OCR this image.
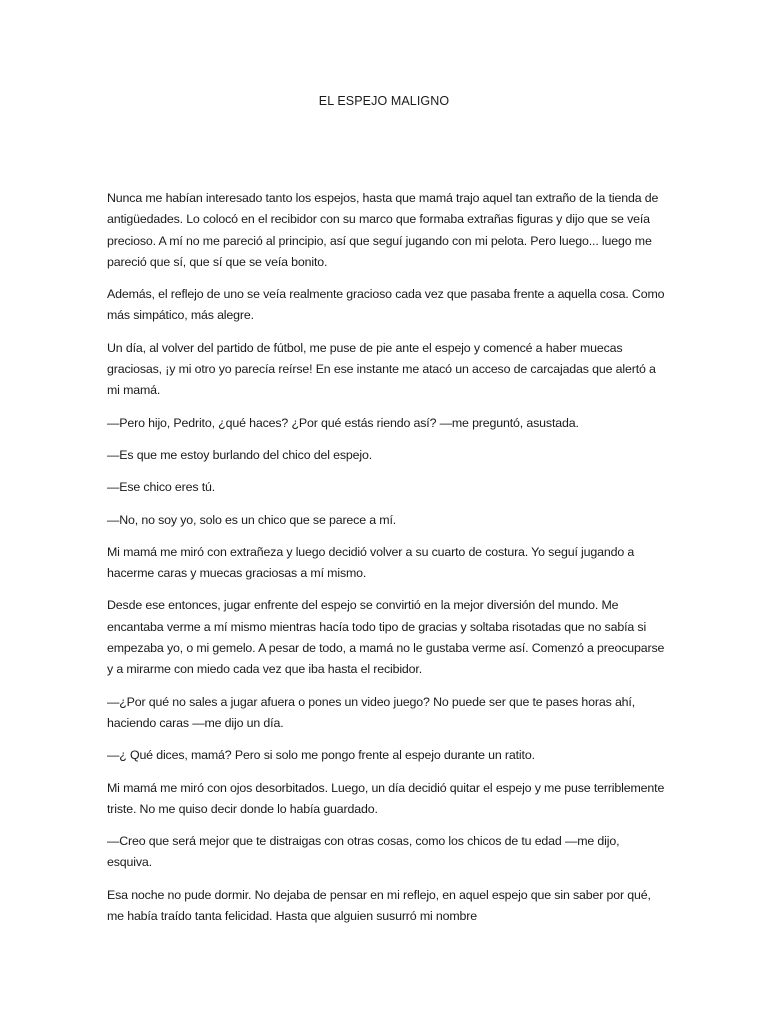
EL ESPEJO MALIGNO

Nunca me habían interesado tanto los espejos, hasta que mamá trajo aquel tan extraño de la tienda de antigüedades. Lo colocó en el recibidor con su marco que formaba extrañas figuras y dijo que se veía precioso. A mí no me pareció al principio, así que seguí jugando con mi pelota. Pero luego... luego me pareció que sí, que sí que se veía bonito.

Además, el reflejo de uno se veía realmente gracioso cada vez que pasaba frente a aquella cosa. Como más simpático, más alegre.

Un día, al volver del partido de fútbol, me puse de pie ante el espejo y comencé a haber muecas graciosas, ¡y mi otro yo parecía reírse! En ese instante me atacó un acceso de carcajadas que alertó a mi mamá.

—Pero hijo, Pedrito, ¿qué haces? ¿Por qué estás riendo así? —me preguntó, asustada.

—Es que me estoy burlando del chico del espejo.

—Ese chico eres tú.

—No, no soy yo, solo es un chico que se parece a mí.

Mi mamá me miró con extrañeza y luego decidió volver a su cuarto de costura. Yo seguí jugando a hacerme caras y muecas graciosas a mí mismo.

Desde ese entonces, jugar enfrente del espejo se convirtió en la mejor diversión del mundo. Me encantaba verme a mí mismo mientras hacía todo tipo de gracias y soltaba risotadas que no sabía si empezaba yo, o mi gemelo. A pesar de todo, a mamá no le gustaba verme así. Comenzó a preocuparse y a mirarme con miedo cada vez que iba hasta el recibidor.

—¿Por qué no sales a jugar afuera o pones un video juego? No puede ser que te pases horas ahí, haciendo caras —me dijo un día.

—¿ Qué dices, mamá? Pero si solo me pongo frente al espejo durante un ratito.

Mi mamá me miró con ojos desorbitados. Luego, un día decidió quitar el espejo y me puse terriblemente triste. No me quiso decir donde lo había guardado.

—Creo que será mejor que te distraigas con otras cosas, como los chicos de tu edad —me dijo, esquiva.

Esa noche no pude dormir. No dejaba de pensar en mi reflejo, en aquel espejo que sin saber por qué, me había traído tanta felicidad. Hasta que alguien susurró mi nombre
